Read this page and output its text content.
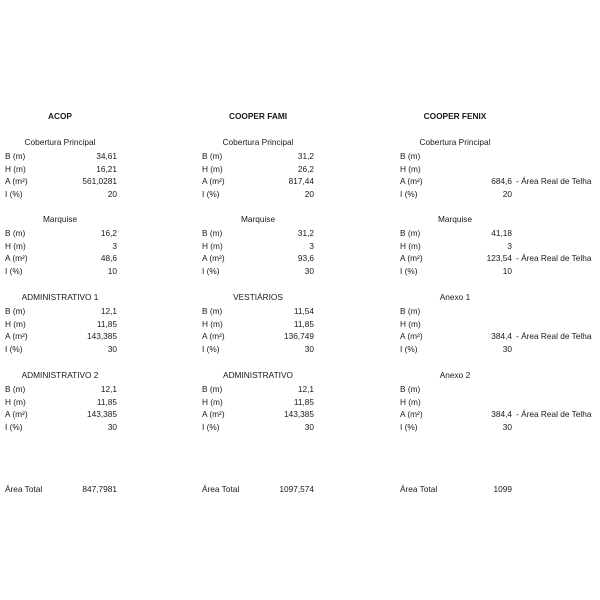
ACOP
Cobertura Principal
B (m)	34,61
H (m)	16,21
A (m²)	561,0281
I (%)	20
Marquise
B (m)	16,2
H (m)	3
A (m²)	48,6
I (%)	10
ADMINISTRATIVO 1
B (m)	12,1
H (m)	11,85
A (m²)	143,385
I (%)	30
ADMINISTRATIVO 2
B (m)	12,1
H (m)	11,85
A (m²)	143,385
I (%)	30
Área Total	847,7981
COOPER FAMI
Cobertura Principal
B (m)	31,2
H (m)	26,2
A (m²)	817,44
I (%)	20
Marquise
B (m)	31,2
H (m)	3
A (m²)	93,6
I (%)	30
VESTIÁRIOS
B (m)	11,54
H (m)	11,85
A (m²)	136,749
I (%)	30
ADMINISTRATIVO
B (m)	12,1
H (m)	11,85
A (m²)	143,385
I (%)	30
Área Total	1097,574
COOPER FENIX
Cobertura Principal
B (m)
H (m)
A (m²)	684,6 - Área Real de Telha
I (%)	20
Marquise
B (m)	41,18
H (m)	3
A (m²)	123,54 - Área Real de Telha
I (%)	10
Anexo 1
B (m)
H (m)
A (m²)	384,4 - Área Real de Telha
I (%)	30
Anexo 2
B (m)
H (m)
A (m²)	384,4 - Área Real de Telha
I (%)	30
Área Total	1099
